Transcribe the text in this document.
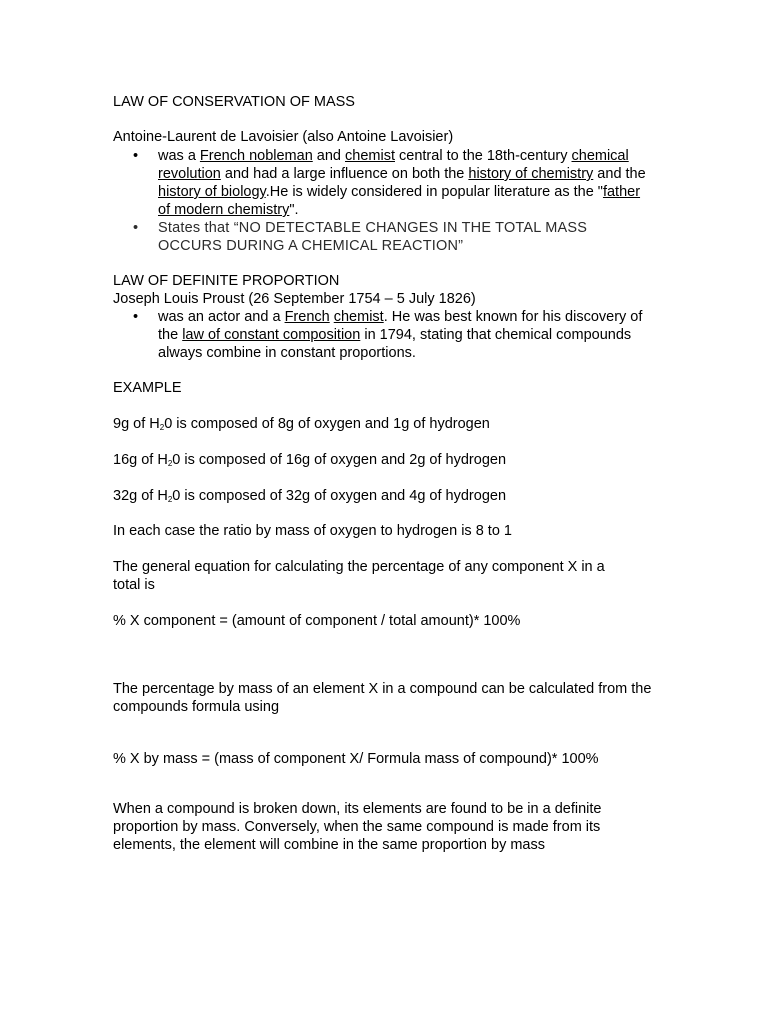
LAW OF CONSERVATION OF MASS

Antoine-Laurent de Lavoisier (also Antoine Lavoisier)

• was a French nobleman and chemist central to the 18th-century chemical
revolution and had a large influence on both the history of chemistry and the history of biology.He is widely considered in popular literature as the "father of modern chemistry".
• States that “NO DETECTABLE CHANGES IN THE TOTAL MASS
OCCURS DURING A CHEMICAL REACTION”

LAW OF DEFINITE PROPORTION

Joseph Louis Proust (26 September 1754 – 5 July 1826)

• was an actor and a French chemist. He was best known for his discovery of the law of constant composition in 1794, stating that chemical compounds always combine in constant proportions.

EXAMPLE

9g of $H_20$ is composed of 8g of oxygen and 1g of hydrogen

16g of $H_20$ is composed of 16g of oxygen and 2g of hydrogen

32g of $H_20$ is composed of 32g of oxygen and 4g of hydrogen

In each case the ratio by mass of oxygen to hydrogen is 8 to 1

The general equation for calculating the percentage of any component X in a total is

% X component = (amount of component / total amount)* 100%

The percentage by mass of an element X in a compound can be calculated from the compounds formula using

% X by mass = (mass of component X/ Formula mass of compound)* 100%

When a compound is broken down, its elements are found to be in a definite proportion by mass. Conversely, when the same compound is made from its elements, the element will combine in the same proportion by mass
